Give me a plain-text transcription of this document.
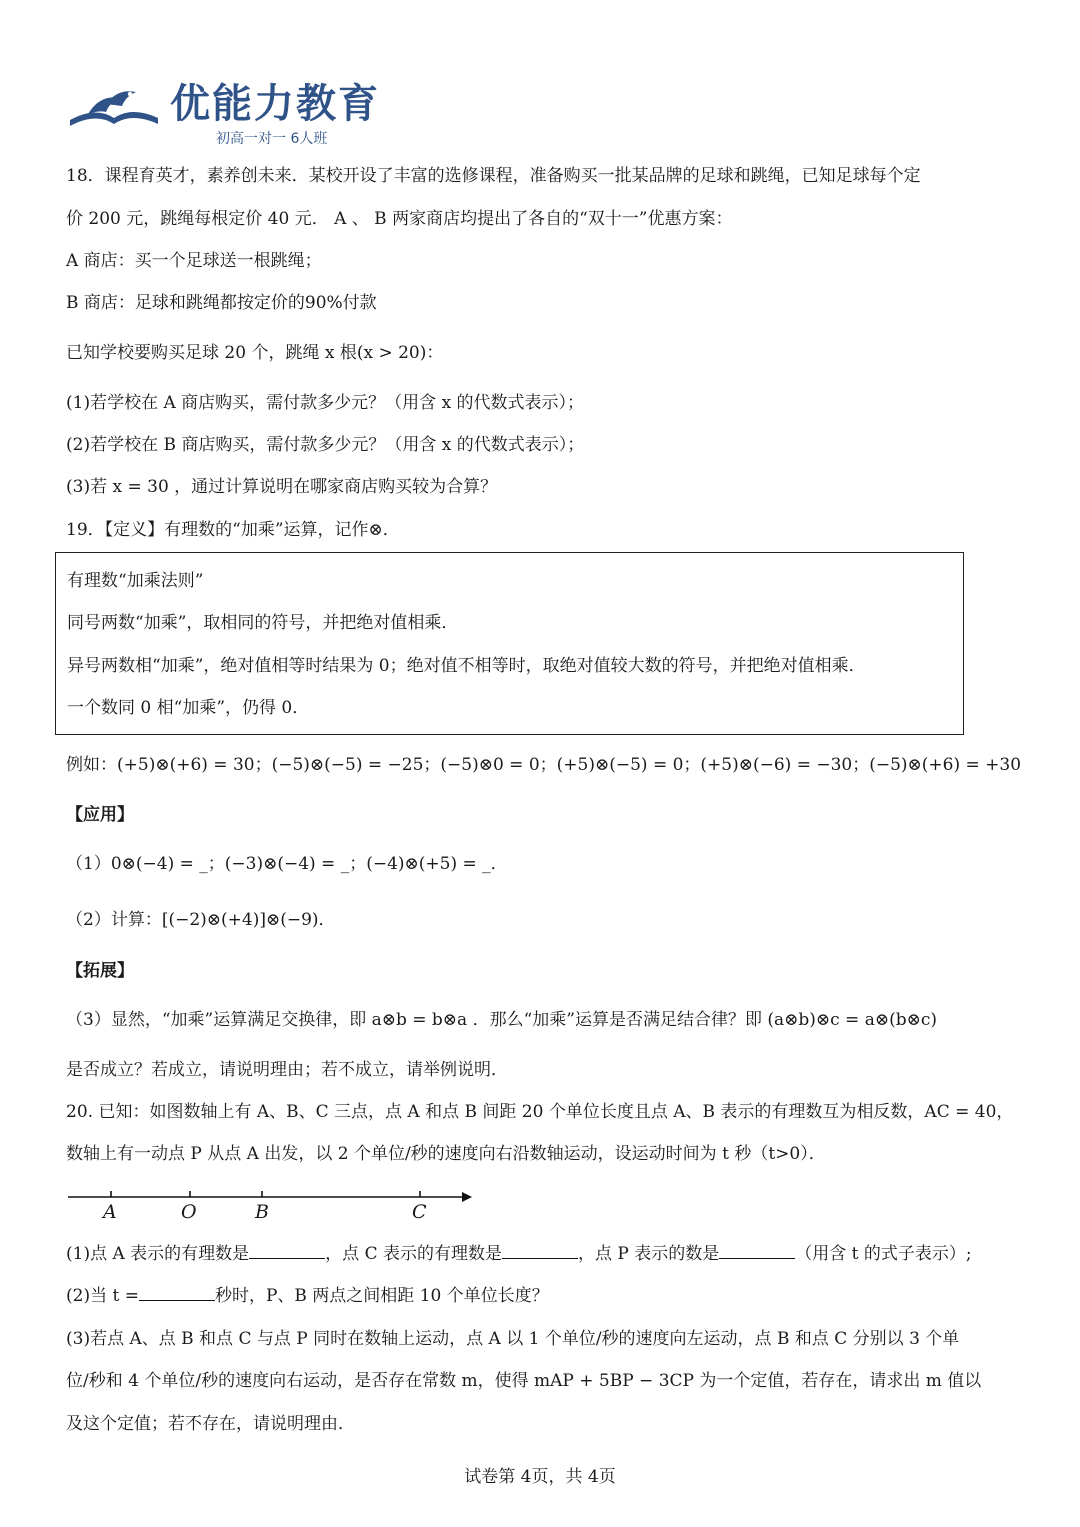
优能力教育
初高一对一 6人班
18．课程育英才，素养创未来．某校开设了丰富的选修课程，准备购买一批某品牌的足球和跳绳，已知足球每个定
价 200 元，跳绳每根定价 40 元． A 、 B 两家商店均提出了各自的“双十一”优惠方案：
A 商店：买一个足球送一根跳绳；
B 商店：足球和跳绳都按定价的90%付款
已知学校要购买足球 20 个，跳绳 x 根(x > 20)：
(1)若学校在 A 商店购买，需付款多少元？（用含 x 的代数式表示）；
(2)若学校在 B 商店购买，需付款多少元？（用含 x 的代数式表示）；
(3)若 x = 30 ，通过计算说明在哪家商店购买较为合算？
19．【定义】有理数的“加乘”运算，记作⊗．
有理数“加乘法则”
同号两数“加乘”，取相同的符号，并把绝对值相乘．
异号两数相“加乘”，绝对值相等时结果为 0；绝对值不相等时，取绝对值较大数的符号，并把绝对值相乘．
一个数同 0 相“加乘”，仍得 0．
例如：(+5)⊗(+6) = 30；(−5)⊗(−5) = −25；(−5)⊗0 = 0；(+5)⊗(−5) = 0；(+5)⊗(−6) = −30；(−5)⊗(+6) = +30
【应用】
（1）0⊗(−4) = _；(−3)⊗(−4) = _；(−4)⊗(+5) = _．
（2）计算：[(−2)⊗(+4)]⊗(−9)．
【拓展】
（3）显然，“加乘”运算满足交换律，即 a⊗b = b⊗a ．那么“加乘”运算是否满足结合律？即 (a⊗b)⊗c = a⊗(b⊗c)
是否成立？若成立，请说明理由；若不成立，请举例说明．
20. 已知：如图数轴上有 A、B、C 三点，点 A 和点 B 间距 20 个单位长度且点 A、B 表示的有理数互为相反数，AC = 40，
数轴上有一动点 P 从点 A 出发，以 2 个单位/秒的速度向右沿数轴运动，设运动时间为 t 秒（t>0）．
A	O	B	C
(1)点 A 表示的有理数是	，点 C 表示的有理数是	，点 P 表示的数是	（用含 t 的式子表示）;
(2)当 t =	秒时，P、B 两点之间相距 10 个单位长度？
(3)若点 A、点 B 和点 C 与点 P 同时在数轴上运动，点 A 以 1 个单位/秒的速度向左运动，点 B 和点 C 分别以 3 个单
位/秒和 4 个单位/秒的速度向右运动，是否存在常数 m，使得 mAP + 5BP − 3CP 为一个定值，若存在，请求出 m 值以
及这个定值；若不存在，请说明理由．
试卷第 4页，共 4页
